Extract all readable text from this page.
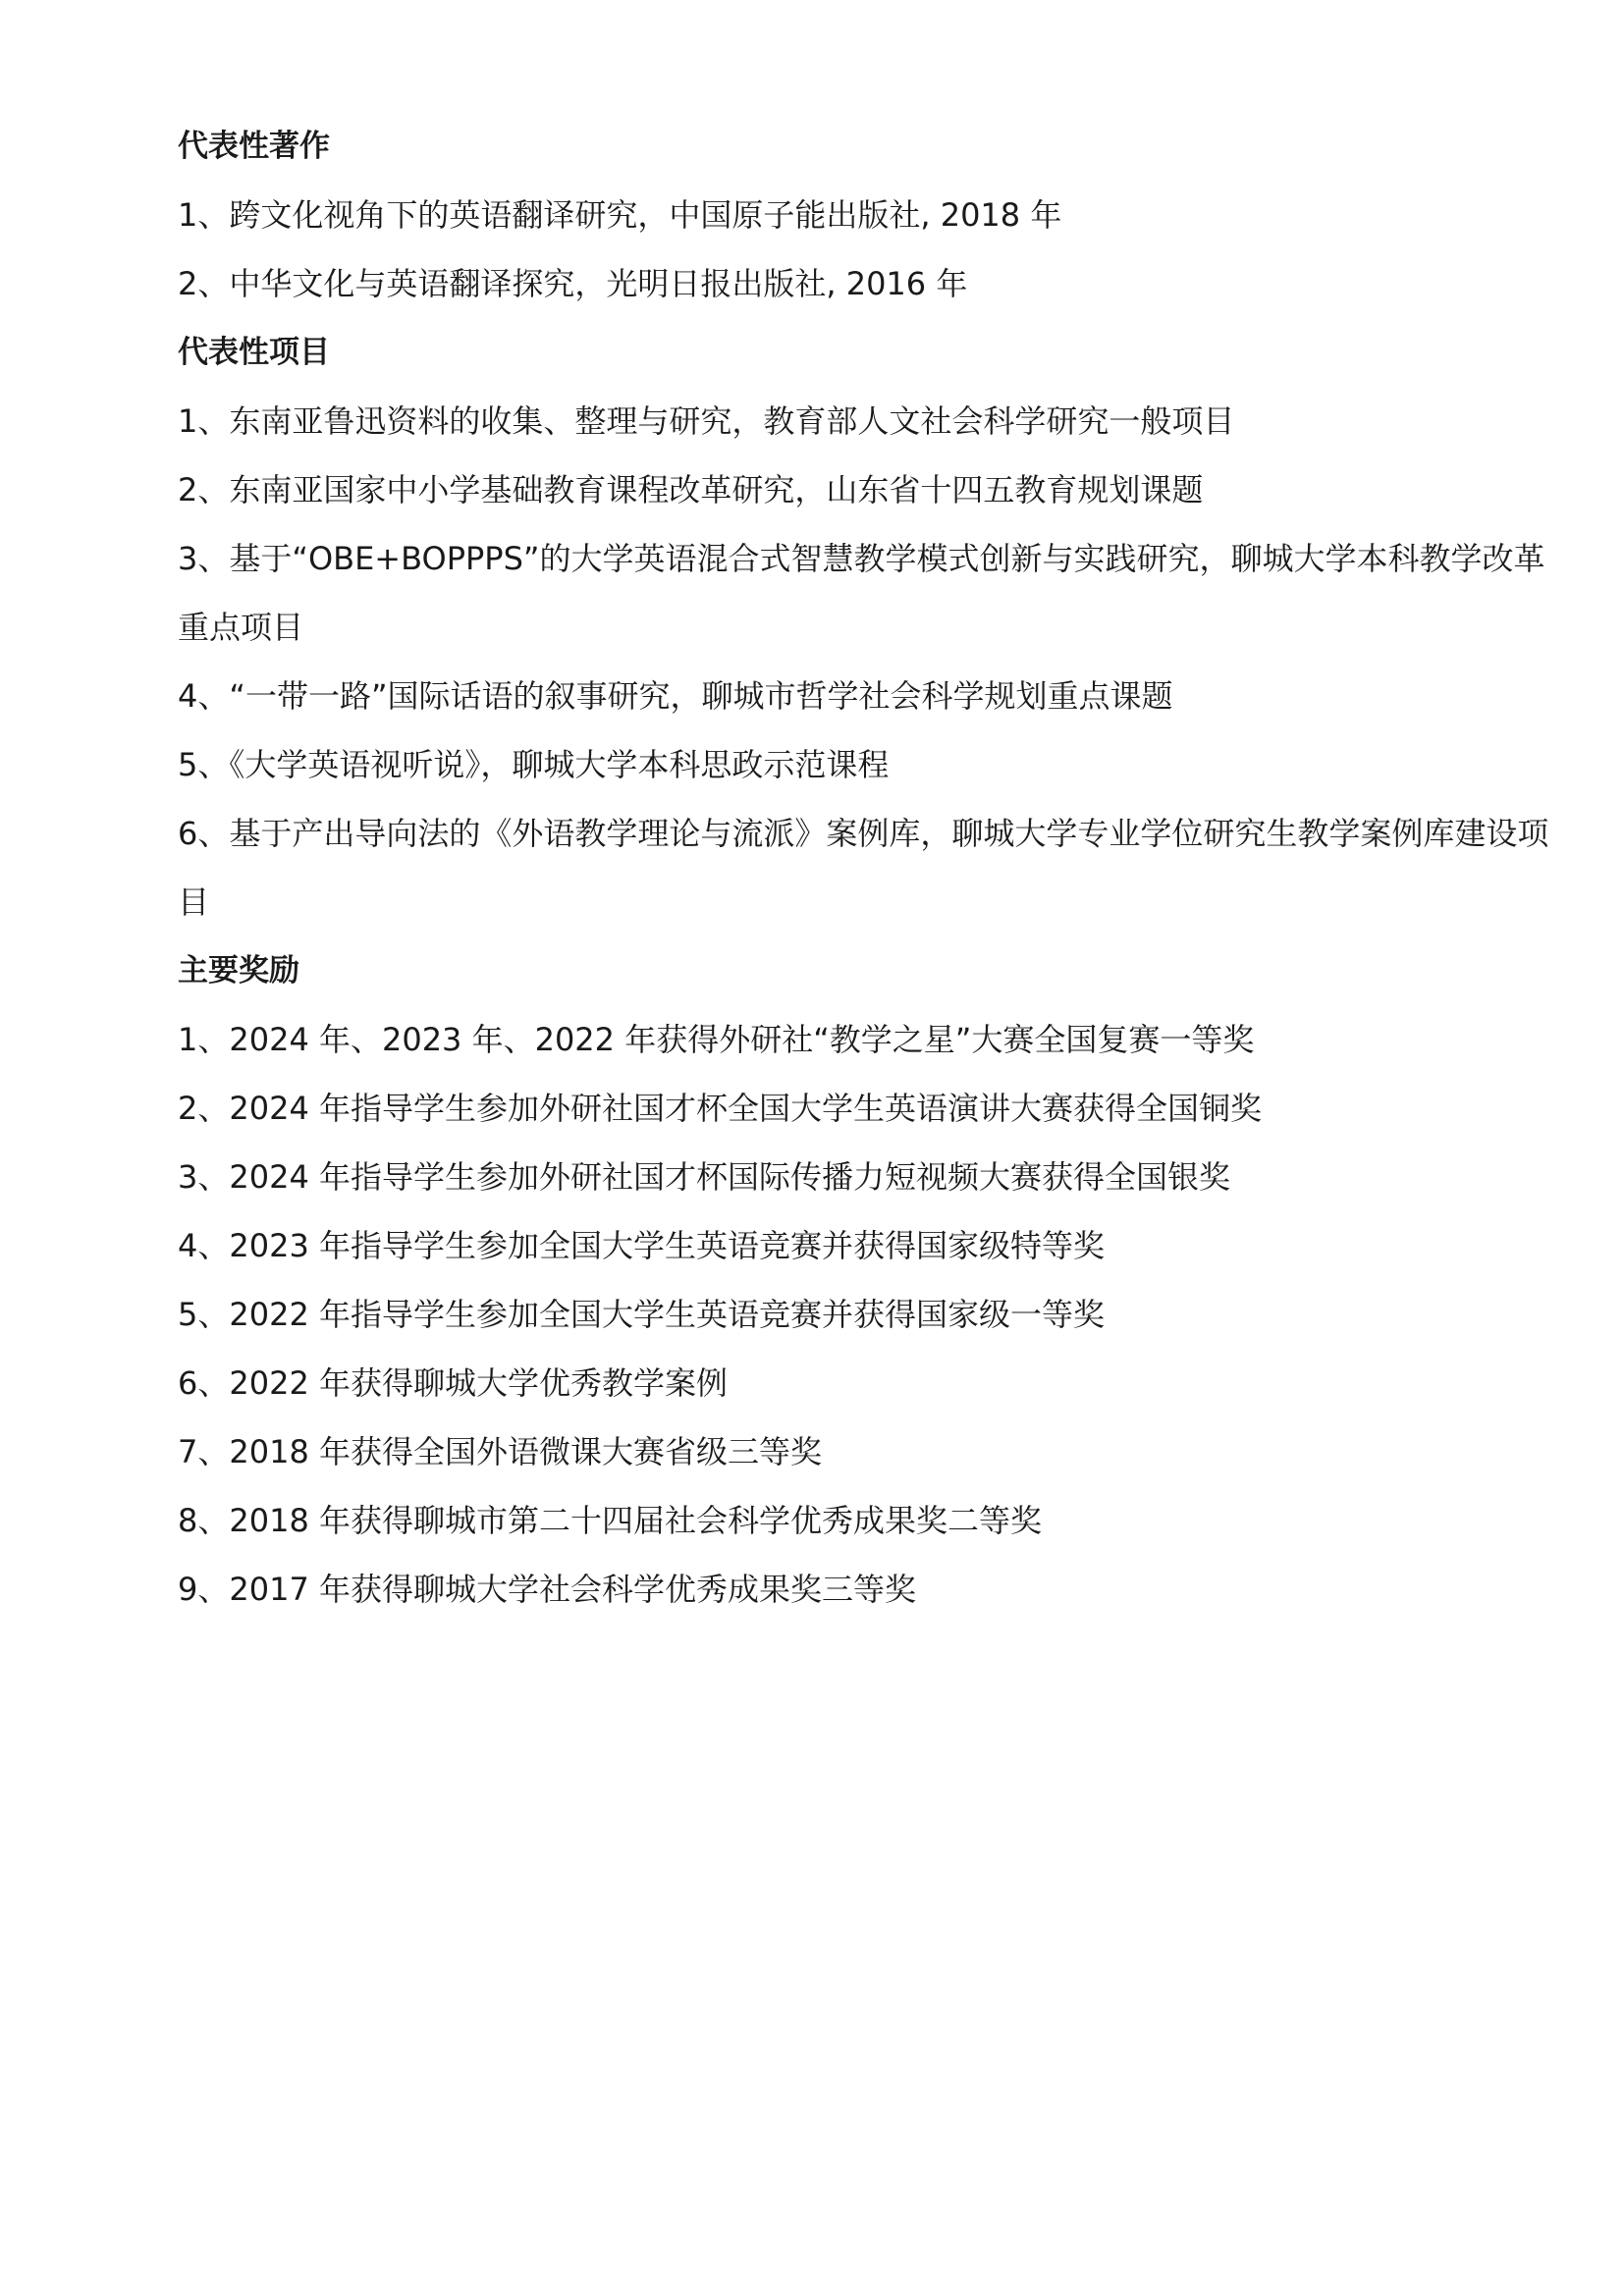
代表性著作
1、跨文化视角下的英语翻译研究，中国原子能出版社, 2018 年
2、中华文化与英语翻译探究，光明日报出版社, 2016 年
代表性项目
1、东南亚鲁迅资料的收集、整理与研究，教育部人文社会科学研究一般项目
2、东南亚国家中小学基础教育课程改革研究，山东省十四五教育规划课题
3、基于“OBE+BOPPPS”的大学英语混合式智慧教学模式创新与实践研究，聊城大学本科教学改革重点项目
4、“一带一路”国际话语的叙事研究，聊城市哲学社会科学规划重点课题
5、《大学英语视听说》，聊城大学本科思政示范课程
6、基于产出导向法的《外语教学理论与流派》案例库，聊城大学专业学位研究生教学案例库建设项目
主要奖励
1、2024 年、2023 年、2022 年获得外研社“教学之星”大赛全国复赛一等奖
2、2024 年指导学生参加外研社国才杯全国大学生英语演讲大赛获得全国铜奖
3、2024 年指导学生参加外研社国才杯国际传播力短视频大赛获得全国银奖
4、2023 年指导学生参加全国大学生英语竞赛并获得国家级特等奖
5、2022 年指导学生参加全国大学生英语竞赛并获得国家级一等奖
6、2022 年获得聊城大学优秀教学案例
7、2018 年获得全国外语微课大赛省级三等奖
8、2018 年获得聊城市第二十四届社会科学优秀成果奖二等奖
9、2017 年获得聊城大学社会科学优秀成果奖三等奖
